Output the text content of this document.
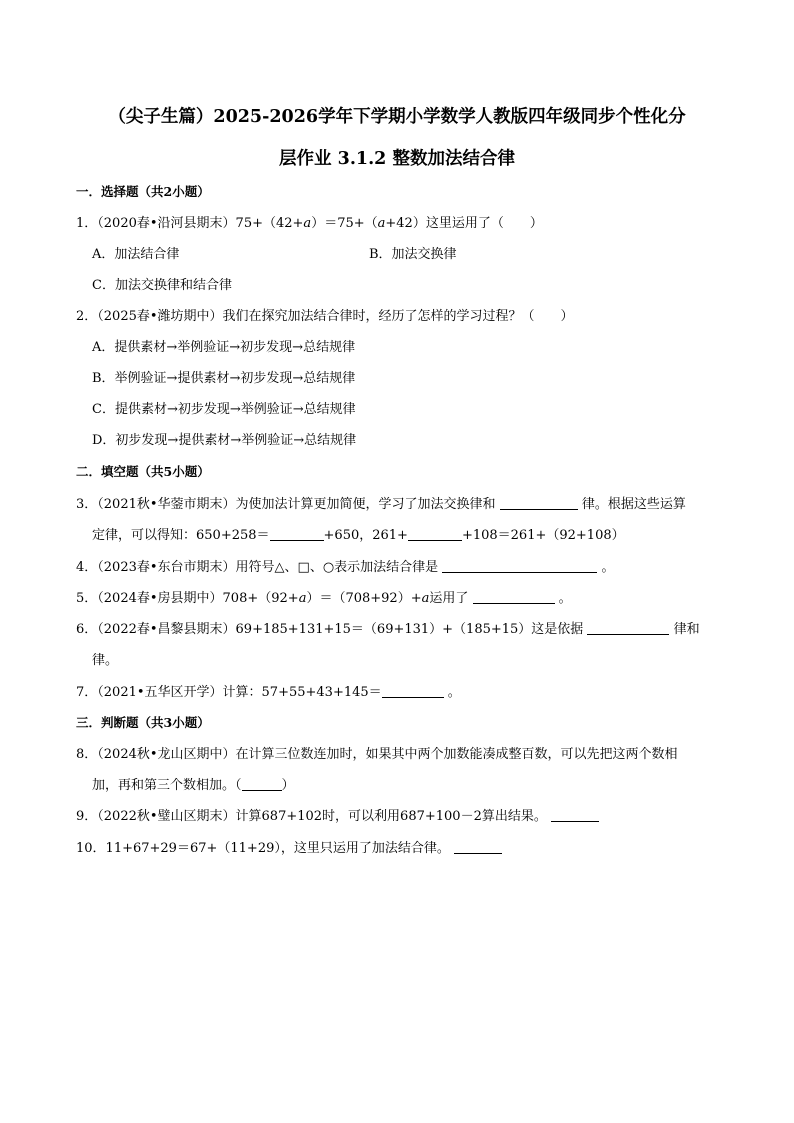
（尖子生篇）2025-2026学年下学期小学数学人教版四年级同步个性化分
层作业 3.1.2 整数加法结合律
一．选择题（共2小题）
1．（2020春•沿河县期末）75+（42+a）＝75+（a+42）这里运用了（　　）
A．加法结合律	B．加法交换律
C．加法交换律和结合律
2．（2025春•潍坊期中）我们在探究加法结合律时，经历了怎样的学习过程？（　　）
A．提供素材→举例验证→初步发现→总结规律
B．举例验证→提供素材→初步发现→总结规律
C．提供素材→初步发现→举例验证→总结规律
D．初步发现→提供素材→举例验证→总结规律
二．填空题（共5小题）
3．（2021秋•华蓥市期末）为使加法计算更加简便，学习了加法交换律和	律。根据这些运算
定律，可以得知：650+258＝	+650，261+	+108＝261+（92+108）
4．（2023春•东台市期末）用符号△、□、○表示加法结合律是	。
5．（2024春•房县期中）708+（92+a）＝（708+92）+a运用了	。
6．（2022春•昌黎县期末）69+185+131+15＝（69+131）+（185+15）这是依据	律和
律。
7．（2021•五华区开学）计算：57+55+43+145＝	。
三．判断题（共3小题）
8．（2024秋•龙山区期中）在计算三位数连加时，如果其中两个加数能凑成整百数，可以先把这两个数相
加，再和第三个数相加。（	）
9．（2022秋•璧山区期末）计算687+102时，可以利用687+100－2算出结果。
10．11+67+29＝67+（11+29），这里只运用了加法结合律。
